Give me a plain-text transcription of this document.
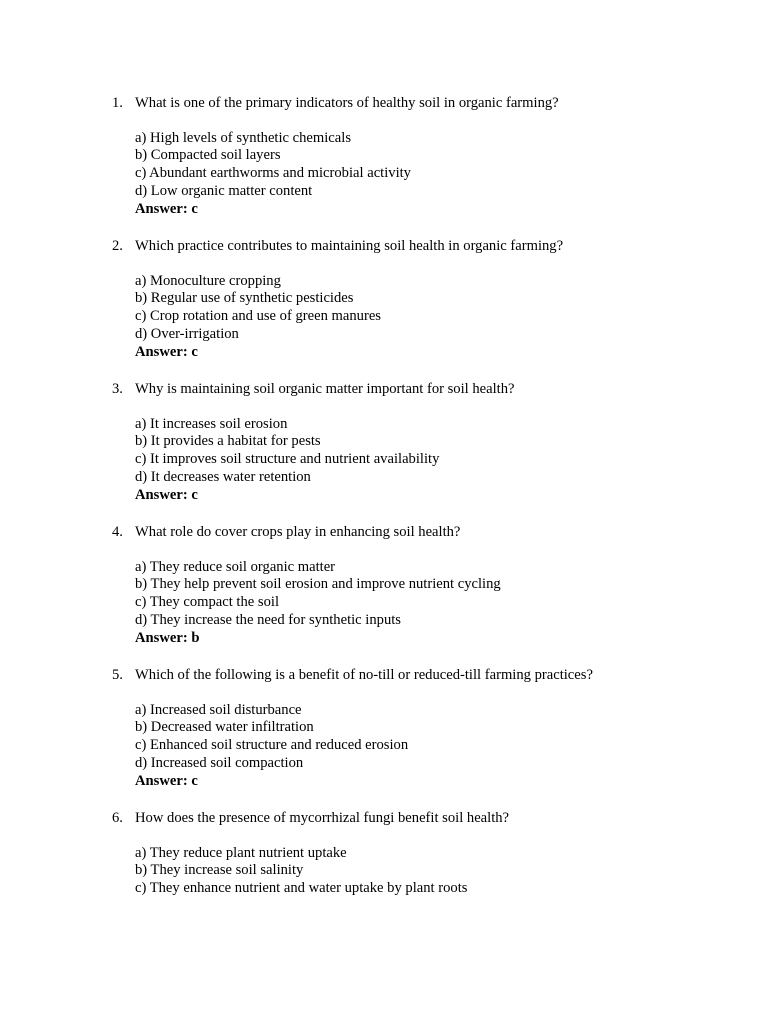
1. What is one of the primary indicators of healthy soil in organic farming?
a) High levels of synthetic chemicals
b) Compacted soil layers
c) Abundant earthworms and microbial activity
d) Low organic matter content
Answer: c
2. Which practice contributes to maintaining soil health in organic farming?
a) Monoculture cropping
b) Regular use of synthetic pesticides
c) Crop rotation and use of green manures
d) Over-irrigation
Answer: c
3. Why is maintaining soil organic matter important for soil health?
a) It increases soil erosion
b) It provides a habitat for pests
c) It improves soil structure and nutrient availability
d) It decreases water retention
Answer: c
4. What role do cover crops play in enhancing soil health?
a) They reduce soil organic matter
b) They help prevent soil erosion and improve nutrient cycling
c) They compact the soil
d) They increase the need for synthetic inputs
Answer: b
5. Which of the following is a benefit of no-till or reduced-till farming practices?
a) Increased soil disturbance
b) Decreased water infiltration
c) Enhanced soil structure and reduced erosion
d) Increased soil compaction
Answer: c
6. How does the presence of mycorrhizal fungi benefit soil health?
a) They reduce plant nutrient uptake
b) They increase soil salinity
c) They enhance nutrient and water uptake by plant roots
